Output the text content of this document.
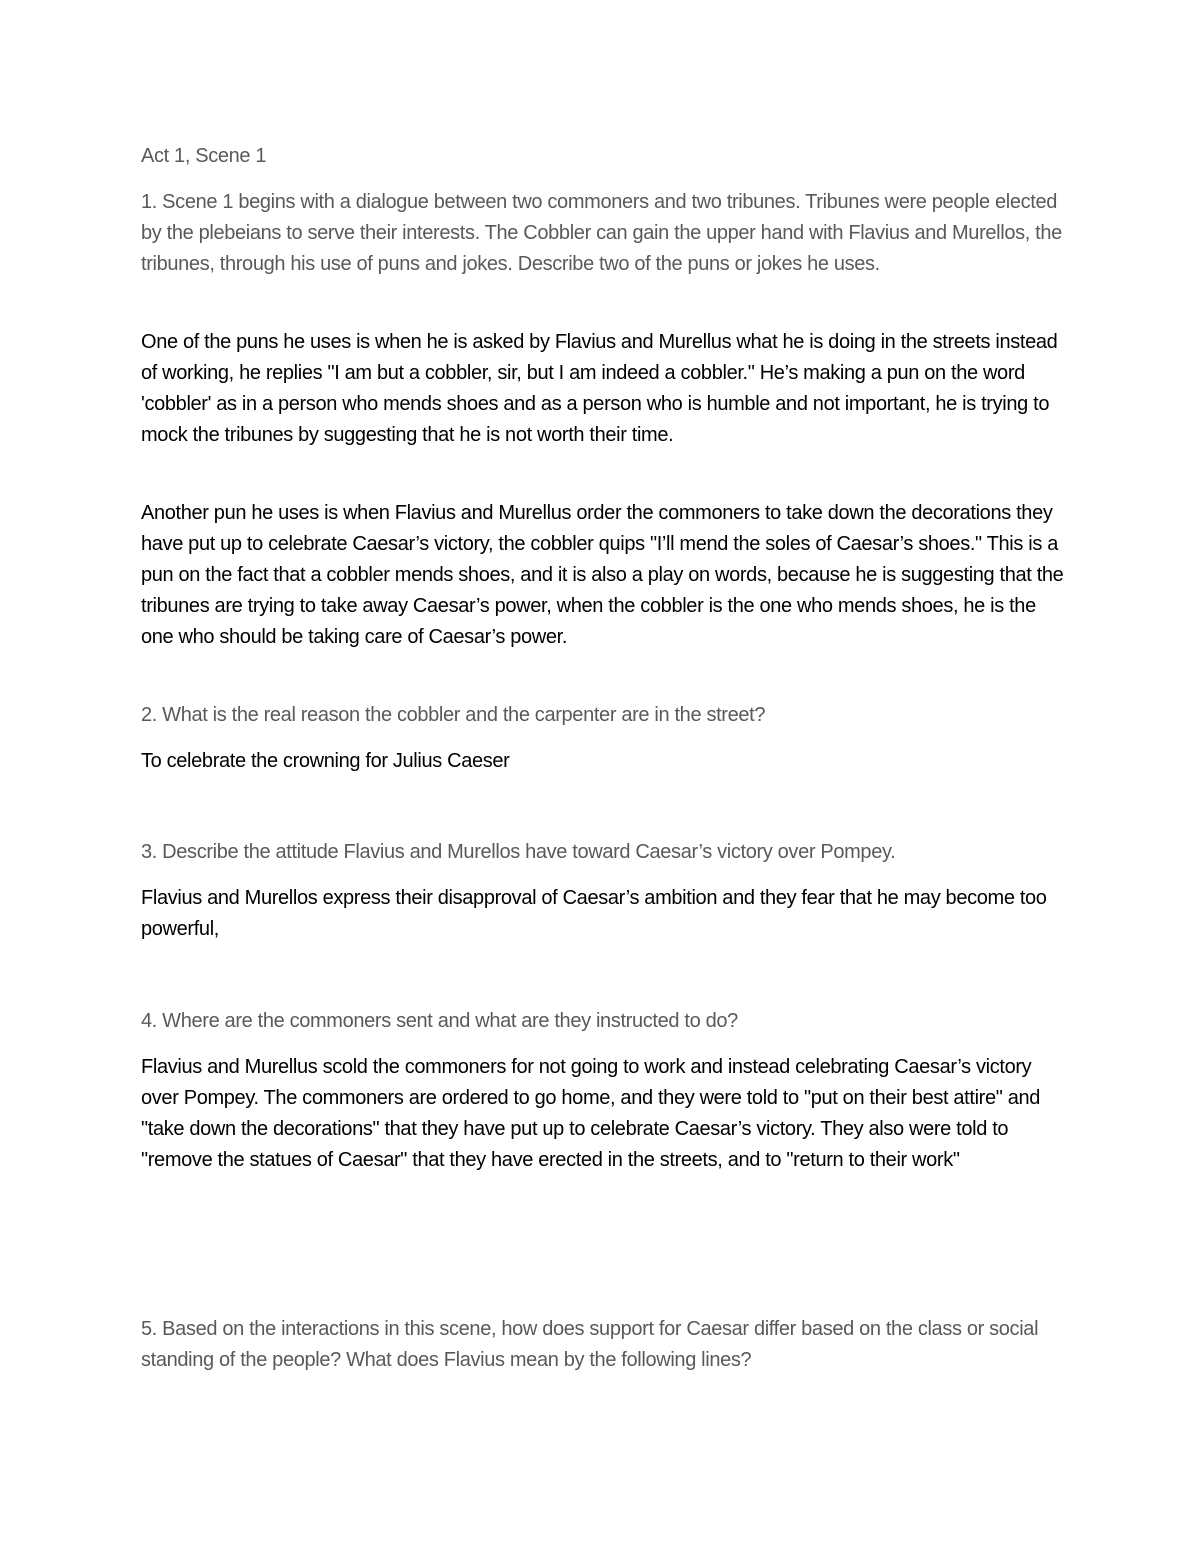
Act 1, Scene 1

1. Scene 1 begins with a dialogue between two commoners and two tribunes. Tribunes were people elected by the plebeians to serve their interests. The Cobbler can gain the upper hand with Flavius and Murellos, the tribunes, through his use of puns and jokes. Describe two of the puns or jokes he uses.

One of the puns he uses is when he is asked by Flavius and Murellus what he is doing in the streets instead of working, he replies "I am but a cobbler, sir, but I am indeed a cobbler." He’s making a pun on the word 'cobbler' as in a person who mends shoes and as a person who is humble and not important, he is trying to mock the tribunes by suggesting that he is not worth their time.

Another pun he uses is when Flavius and Murellus order the commoners to take down the decorations they have put up to celebrate Caesar’s victory, the cobbler quips "I’ll mend the soles of Caesar’s shoes." This is a pun on the fact that a cobbler mends shoes, and it is also a play on words, because he is suggesting that the tribunes are trying to take away Caesar’s power, when the cobbler is the one who mends shoes, he is the one who should be taking care of Caesar’s power.

2. What is the real reason the cobbler and the carpenter are in the street?

To celebrate the crowning for Julius Caeser

3. Describe the attitude Flavius and Murellos have toward Caesar’s victory over Pompey.

Flavius and Murellos express their disapproval of Caesar’s ambition and they fear that he may become too powerful,

4. Where are the commoners sent and what are they instructed to do?

Flavius and Murellus scold the commoners for not going to work and instead celebrating Caesar’s victory over Pompey. The commoners are ordered to go home, and they were told to "put on their best attire" and "take down the decorations" that they have put up to celebrate Caesar’s victory. They also were told to "remove the statues of Caesar" that they have erected in the streets, and to "return to their work"

5. Based on the interactions in this scene, how does support for Caesar differ based on the class or social standing of the people? What does Flavius mean by the following lines?
